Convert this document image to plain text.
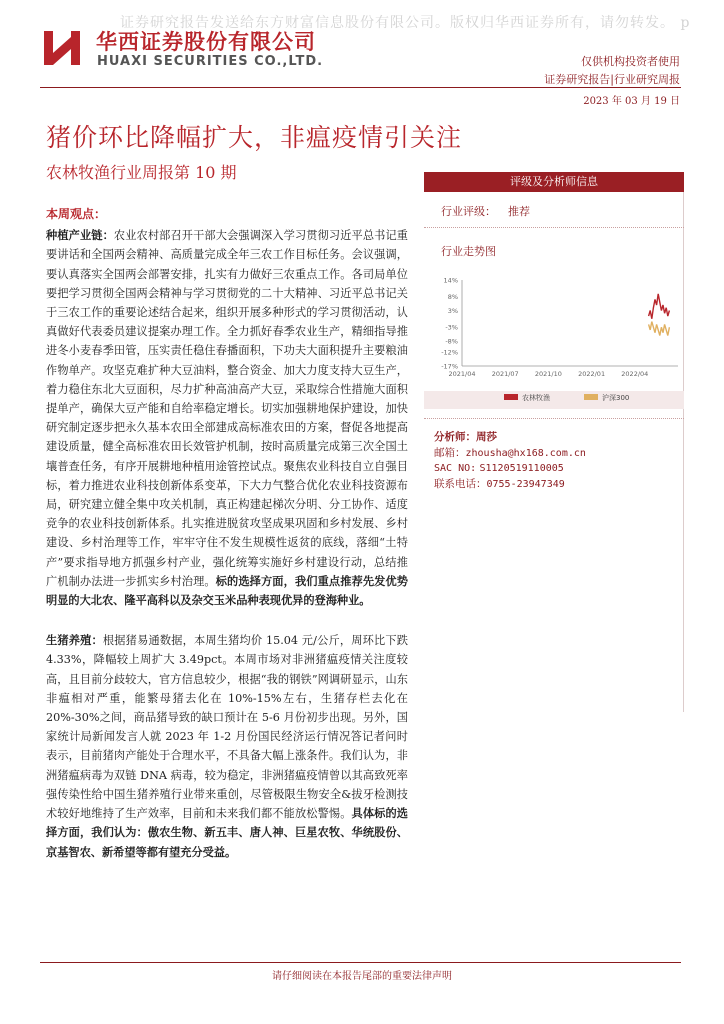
证券研究报告发送给东方财富信息股份有限公司。版权归华西证券所有，请勿转发。 p
华西证券股份有限公司
HUAXI SECURITIES CO.,LTD.	仅供机构投资者使用
证券研究报告|行业研究周报
2023 年 03 月 19 日
猪价环比降幅扩大，非瘟疫情引关注
农林牧渔行业周报第 10 期
本周观点：
种植产业链：农业农村部召开干部大会强调深入学习贯彻习近平总书记重要讲话和全国两会精神、高质量完成全年三农工作目标任务。会议强调，要认真落实全国两会部署安排，扎实有力做好三农重点工作。各司局单位要把学习贯彻全国两会精神与学习贯彻党的二十大精神、习近平总书记关于三农工作的重要论述结合起来，组织开展多种形式的学习贯彻活动，认真做好代表委员建议提案办理工作。全力抓好春季农业生产，精细指导推进冬小麦春季田管，压实责任稳住春播面积，下功夫大面积提升主要粮油作物单产。攻坚克难扩种大豆油料，整合资金、加大力度支持大豆生产，着力稳住东北大豆面积，尽力扩种高油高产大豆，采取综合性措施大面积提单产，确保大豆产能和自给率稳定增长。切实加强耕地保护建设，加快研究制定逐步把永久基本农田全部建成高标准农田的方案，督促各地提高建设质量，健全高标准农田长效管护机制，按时高质量完成第三次全国土壤普查任务，有序开展耕地种植用途管控试点。聚焦农业科技自立自强目标，着力推进农业科技创新体系变革，下大力气整合优化农业科技资源布局，研究建立健全集中攻关机制，真正构建起梯次分明、分工协作、适度竞争的农业科技创新体系。扎实推进脱贫攻坚成果巩固和乡村发展、乡村建设、乡村治理等工作，牢牢守住不发生规模性返贫的底线，落细“土特产”要求指导地方抓强乡村产业，强化统筹实施好乡村建设行动，总结推广机制办法进一步抓实乡村治理。标的选择方面，我们重点推荐先发优势明显的大北农、隆平高科以及杂交玉米品种表现优异的登海种业。
生猪养殖：根据猪易通数据，本周生猪均价 15.04 元/公斤，周环比下跌 4.33%，降幅较上周扩大 3.49pct。本周市场对非洲猪瘟疫情关注度较高，且目前分歧较大，官方信息较少，根据“我的钢铁”网调研显示，山东非瘟相对严重，能繁母猪去化在 10%-15%左右，生猪存栏去化在 20%-30%之间，商品猪导致的缺口预计在 5-6 月份初步出现。另外，国家统计局新闻发言人就 2023 年 1-2 月份国民经济运行情况答记者问时表示，目前猪肉产能处于合理水平，不具备大幅上涨条件。我们认为，非洲猪瘟病毒为双链 DNA 病毒，较为稳定，非洲猪瘟疫情曾以其高致死率强传染性给中国生猪养殖行业带来重创，尽管极限生物安全&拔牙检测技术较好地维持了生产效率，目前和未来我们都不能放松警惕。具体标的选择方面，我们认为：傲农生物、新五丰、唐人神、巨星农牧、华统股份、京基智农、新希望等都有望充分受益。
评级及分析师信息
行业评级： 推荐
行业走势图
14%
8%
3%
-3%
-8%
-12%
-17%
2021/04 2021/07 2021/10 2022/01 2022/04
农林牧渔	沪深300
分析师：周莎
邮箱：zhousha@hx168.com.cn
SAC NO: S1120519110005
联系电话：0755-23947349
请仔细阅读在本报告尾部的重要法律声明
